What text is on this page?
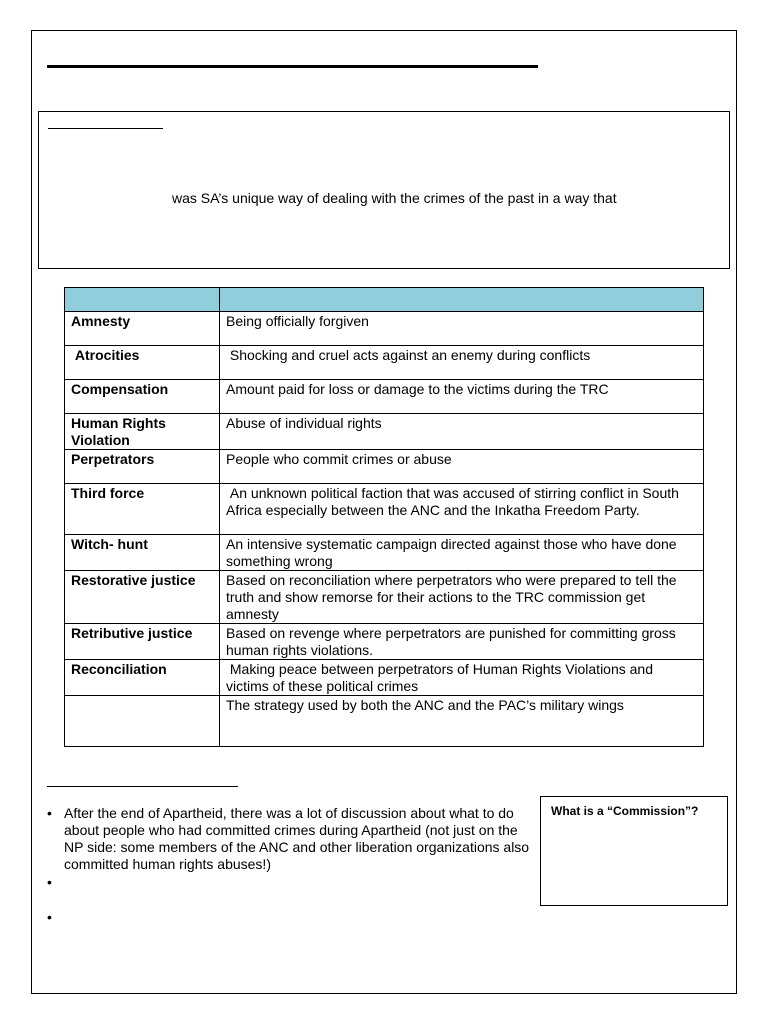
was SA’s unique way of dealing with the crimes of the past in a way that

Amnesty	Being officially forgiven
Atrocities	Shocking and cruel acts against an enemy during conflicts
Compensation	Amount paid for loss or damage to the victims during the TRC
Human Rights Violation	Abuse of individual rights
Perpetrators	People who commit crimes or abuse
Third force	An unknown political faction that was accused of stirring conflict in South Africa especially between the ANC and the Inkatha Freedom Party.
Witch- hunt	An intensive systematic campaign directed against those who have done something wrong
Restorative justice	Based on reconciliation where perpetrators who were prepared to tell the truth and show remorse for their actions to the TRC commission get amnesty
Retributive justice	Based on revenge where perpetrators are punished for committing gross human rights violations.
Reconciliation	Making peace between perpetrators of Human Rights Violations and victims of these political crimes
	The strategy used by both the ANC and the PAC’s military wings
• After the end of Apartheid, there was a lot of discussion about what to do about people who had committed crimes during Apartheid (not just on the NP side: some members of the ANC and other liberation organizations also committed human rights abuses!)
•
•
What is a “Commission”?
